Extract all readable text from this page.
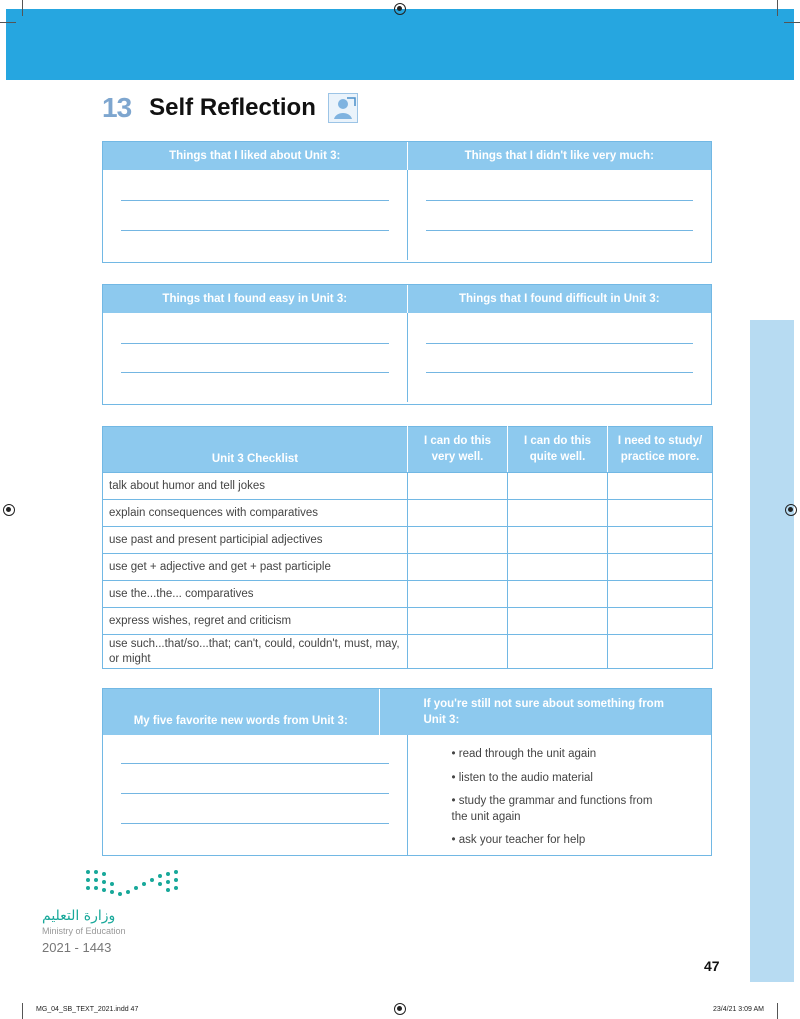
13 Self Reflection
Things that I liked about Unit 3:	Things that I didn't like very much:
Things that I found easy in Unit 3:	Things that I found difficult in Unit 3:
Unit 3 Checklist	I can do this very well.	I can do this quite well.	I need to study/ practice more.
talk about humor and tell jokes			
explain consequences with comparatives			
use past and present participial adjectives			
use get + adjective and get + past participle			
use the...the... comparatives			
express wishes, regret and criticism			
use such...that/so...that; can't, could, couldn't, must, may, or might			
My five favorite new words from Unit 3:
If you're still not sure about something from Unit 3:
• read through the unit again
• listen to the audio material
• study the grammar and functions from the unit again
• ask your teacher for help
وزارة التعليم
Ministry of Education
2021 - 1443
47
MG_04_SB_TEXT_2021.indd 47	23/4/21 3:09 AM
